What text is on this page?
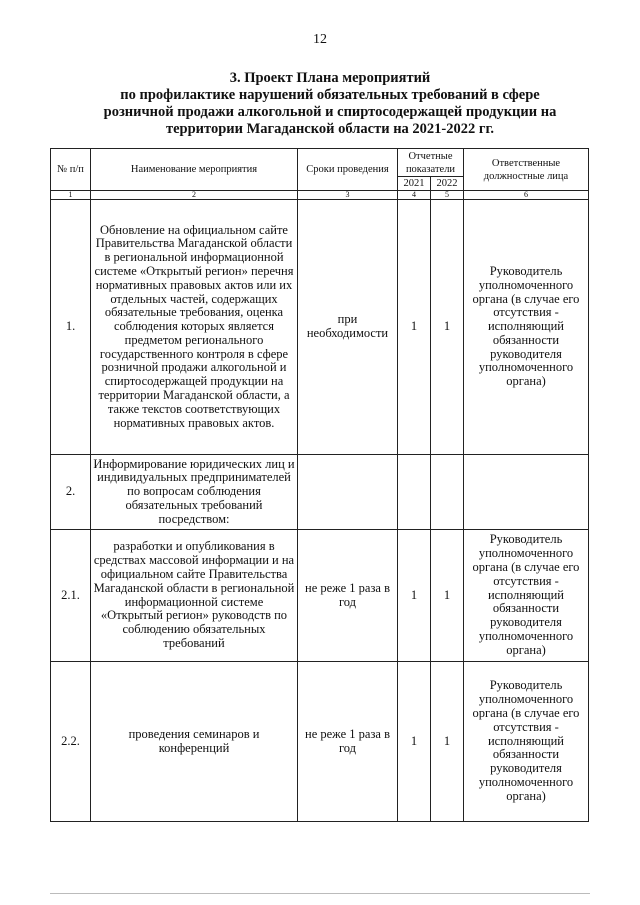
12
3. Проект Плана мероприятий
по профилактике нарушений обязательных требований в сфере
розничной продажи алкогольной и спиртосодержащей продукции на
территории Магаданской области на 2021-2022 гг.
№ п/п	Наименование мероприятия	Сроки проведения	Отчетные показатели		Ответственные должностные лица
			2021	2022	
1	2	3	4	5	6
1.	Обновление на официальном сайте Правительства Магаданской области в региональной информационной системе «Открытый регион» перечня нормативных правовых актов или их отдельных частей, содержащих обязательные требования, оценка соблюдения которых является предметом регионального государственного контроля в сфере розничной продажи алкогольной и спиртосодержащей продукции на территории Магаданской области, а также текстов соответствующих нормативных правовых актов.	при необходимости	1	1	Руководитель уполномоченного органа (в случае его отсутствия - исполняющий обязанности руководителя уполномоченного органа)
2.	Информирование юридических лиц и индивидуальных предпринимателей по вопросам соблюдения обязательных требований посредством:				
2.1.	разработки и опубликования в средствах массовой информации и на официальном сайте Правительства Магаданской области в региональной информационной системе «Открытый регион» руководств по соблюдению обязательных требований	не реже 1 раза в год	1	1	Руководитель уполномоченного органа (в случае его отсутствия - исполняющий обязанности руководителя уполномоченного органа)
2.2.	проведения семинаров и конференций	не реже 1 раза в год	1	1	Руководитель уполномоченного органа (в случае его отсутствия - исполняющий обязанности руководителя уполномоченного органа)
